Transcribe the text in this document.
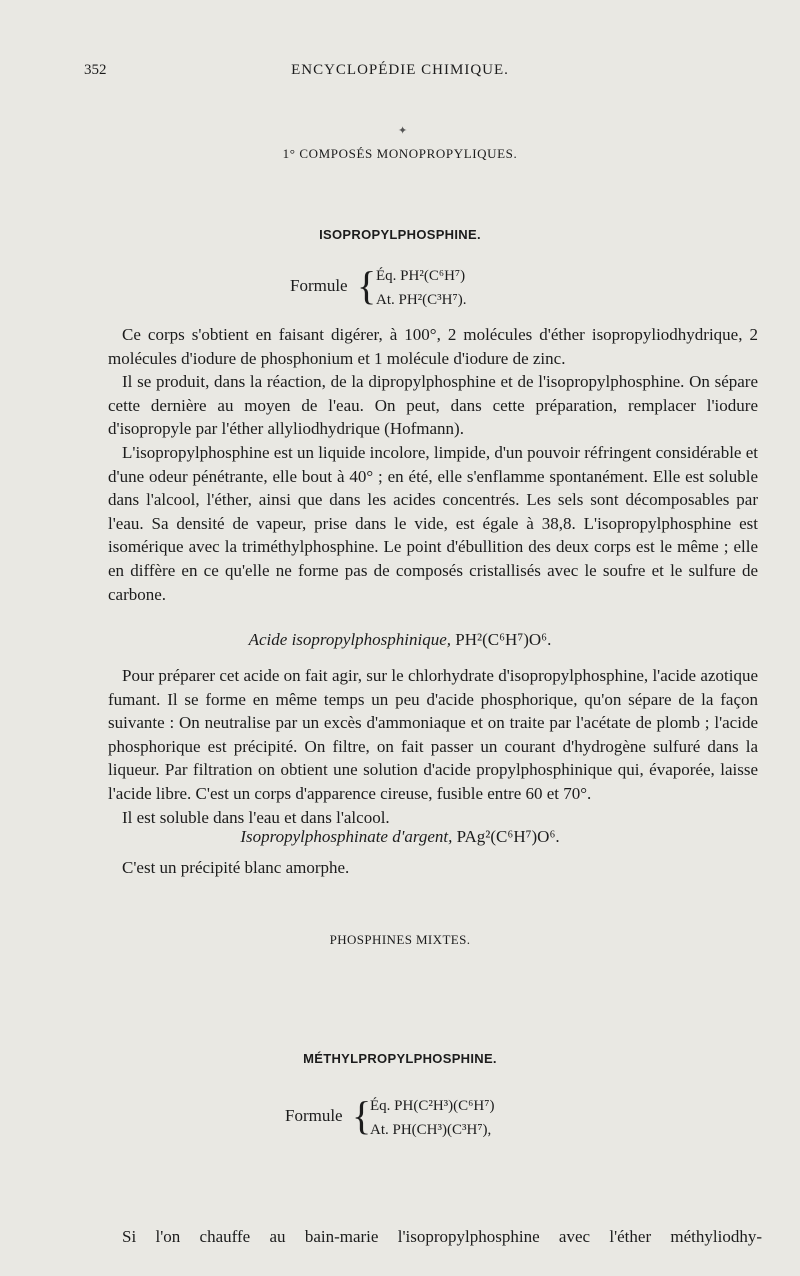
352	ENCYCLOPÉDIE CHIMIQUE.
✦
1° COMPOSÉS MONOPROPYLIQUES.
ISOPROPYLPHOSPHINE.
Formule { Éq. PH²(C⁶H⁷)
At. PH²(C³H⁷).

Ce corps s'obtient en faisant digérer, à 100°, 2 molécules d'éther isopropyliodhydrique, 2 molécules d'iodure de phosphonium et 1 molécule d'iodure de zinc.

Il se produit, dans la réaction, de la dipropylphosphine et de l'isopropylphosphine. On sépare cette dernière au moyen de l'eau. On peut, dans cette préparation, remplacer l'iodure d'isopropyle par l'éther allyliodhydrique (Hofmann).

L'isopropylphosphine est un liquide incolore, limpide, d'un pouvoir réfringent considérable et d'une odeur pénétrante, elle bout à 40° ; en été, elle s'enflamme spontanément. Elle est soluble dans l'alcool, l'éther, ainsi que dans les acides concentrés. Les sels sont décomposables par l'eau. Sa densité de vapeur, prise dans le vide, est égale à 38,8. L'isopropylphosphine est isomérique avec la triméthylphosphine. Le point d'ébullition des deux corps est le même ; elle en diffère en ce qu'elle ne forme pas de composés cristallisés avec le soufre et le sulfure de carbone.

Acide isopropylphosphinique, PH²(C⁶H⁷)O⁶.

Pour préparer cet acide on fait agir, sur le chlorhydrate d'isopropylphosphine, l'acide azotique fumant. Il se forme en même temps un peu d'acide phosphorique, qu'on sépare de la façon suivante : On neutralise par un excès d'ammoniaque et on traite par l'acétate de plomb ; l'acide phosphorique est précipité. On filtre, on fait passer un courant d'hydrogène sulfuré dans la liqueur. Par filtration on obtient une solution d'acide propylphosphinique qui, évaporée, laisse l'acide libre. C'est un corps d'apparence cireuse, fusible entre 60 et 70°.

Il est soluble dans l'eau et dans l'alcool.

Isopropylphosphinate d'argent, PAg²(C⁶H⁷)O⁶.

C'est un précipité blanc amorphe.

PHOSPHINES MIXTES.
MÉTHYLPROPYLPHOSPHINE.
Formule {
Éq. PH(C²H³)(C⁶H⁷)
At. PH(CH³)(C³H⁷),
Si l'on chauffe au bain-marie l'isopropylphosphine avec l'éther méthyliodhy-
